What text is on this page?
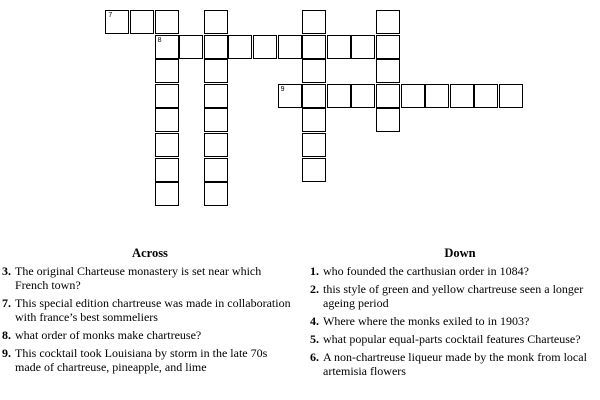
7
8
9
Across	Down
3. The original Charteuse monastery is set near which French town?
7. This special edition chartreuse was made in collaboration with france’s best sommeliers
8. what order of monks make chartreuse?
9. This cocktail took Louisiana by storm in the late 70s made of chartreuse, pineapple, and lime
1. who founded the carthusian order in 1084?
2. this style of green and yellow chartreuse seen a longer ageing period
4. Where where the monks exiled to in 1903?
5. what popular equal-parts cocktail features Charteuse?
6. A non-chartreuse liqueur made by the monk from local artemisia flowers
